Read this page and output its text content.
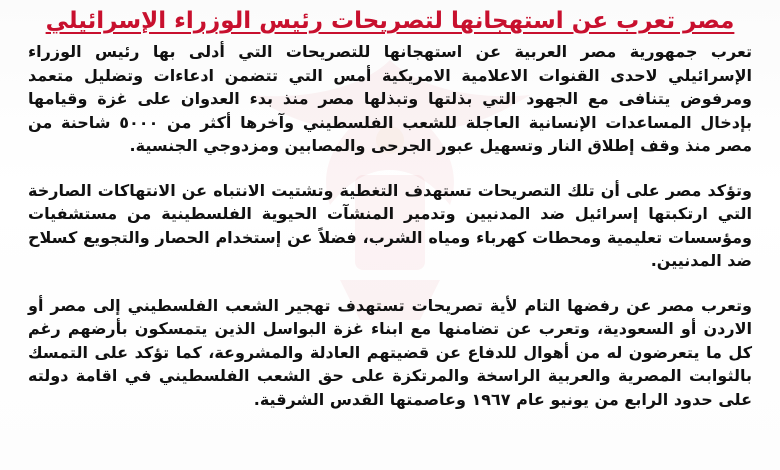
مصر تعرب عن استهجانها لتصريحات رئيس الوزراء الإسرائيلي

تعرب جمهورية مصر العربية عن استهجانها للتصريحات التي أدلى بها رئيس الوزراء الإسرائيلي لاحدى القنوات الاعلامية الامريكية أمس التي تتضمن ادعاءات وتضليل متعمد ومرفوض يتنافى مع الجهود التي بذلتها وتبذلها مصر منذ بدء العدوان على غزة وقيامها بإدخال المساعدات الإنسانية العاجلة للشعب الفلسطيني وآخرها أكثر من ٥٠٠٠ شاحنة من مصر منذ وقف إطلاق النار وتسهيل عبور الجرحى والمصابين ومزدوجي الجنسية.

وتؤكد مصر على أن تلك التصريحات تستهدف التغطية وتشتيت الانتباه عن الانتهاكات الصارخة التي ارتكبتها إسرائيل ضد المدنيين وتدمير المنشآت الحيوية الفلسطينية من مستشفيات ومؤسسات تعليمية ومحطات كهرباء ومياه الشرب، فضلاً عن إستخدام الحصار والتجويع كسلاح ضد المدنيين.

وتعرب مصر عن رفضها التام لأية تصريحات تستهدف تهجير الشعب الفلسطيني إلى مصر أو الاردن أو السعودية، وتعرب عن تضامنها مع ابناء غزة البواسل الذين يتمسكون بأرضهم رغم كل ما يتعرضون له من أهوال للدفاع عن قضيتهم العادلة والمشروعة، كما تؤكد على التمسك بالثوابت المصرية والعربية الراسخة والمرتكزة على حق الشعب الفلسطيني في اقامة دولته على حدود الرابع من يونيو عام ١٩٦٧ وعاصمتها القدس الشرقية.
